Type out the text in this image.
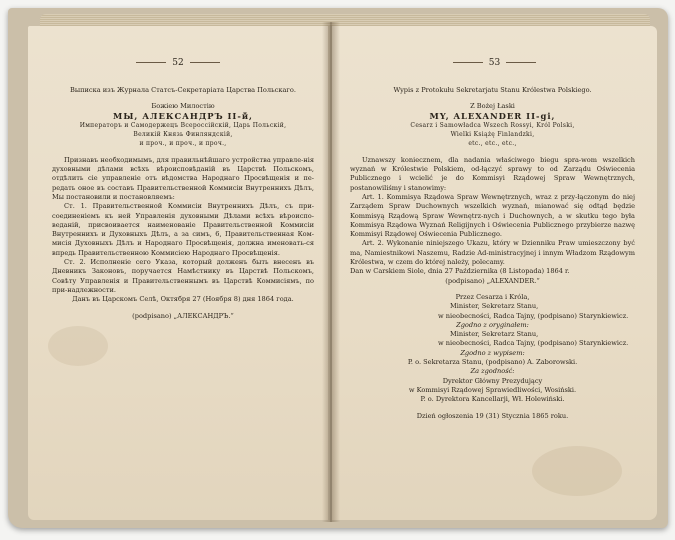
52
Выписка изъ Журнала Статсъ-Секретаріата Царства Польскаго.
Божіею Милостію
МЫ, АЛЕКСАНДРЪ II-й,
Императоръ и Самодержецъ Всероссійскій, Царь Польскій,
Великій Князь Финляндскій,
и проч., и проч., и проч.,
Признавъ необходимымъ, для правильнѣйшаго устройства управле-нія духовными дѣлами всѣхъ вѣроисповѣданій въ Царствѣ Польскомъ, отдѣлить сіе управленіе отъ вѣдомства Народнаго Просвѣщенія и пе-редать оное въ составъ Правительственной Коммисіи Внутреннихъ Дѣлъ, Мы постановили и постановляемъ:
Ст. 1. Правительственной Коммисіи Внутреннихъ Дѣлъ, съ при-соединеніемъ къ ней Управленія духовными Дѣлами всѣхъ вѣроиспо-веданій, присвоивается наименованіе Правительственной Коммисіи Внутреннихъ и Духовныхъ Дѣлъ, а за симъ, 6, Правительственная Ком-мисія Духовныхъ Дѣлъ и Народнаго Просвѣщенія, должна именовать-ся впредь Правительственною Коммисіею Народнаго Просвѣщенія.
Ст. 2. Исполненіе сего Указа, который долженъ быть внесенъ въ Дневникъ Законовъ, поручается Намѣстнику въ Царствѣ Польскомъ, Совѣту Управленія и Правительственнымъ въ Царствѣ Коммисіямъ, по при-надлежности.
Данъ въ Царскомъ Селѣ, Октября 27 (Ноября 8) дня 1864 года.
(podpisano) „АЛЕКСАНДРЪ.“
53
Wypis z Protokułu Sekretarjatu Stanu Królestwa Polskiego.
Z Bożej Łaski
MY, ALEXANDER II-gi,
Cesarz i Samowładca Wszech Rossyi, Król Polski,
Wielki Książę Finlandzki,
etc., etc., etc.,
Uznawszy koniecznem, dla nadania właściwego biegu spra-wom wszelkich wyznań w Królestwie Polskiem, od-łączyć sprawy to od Zarządu Oświecenia Publicznego i wcielić je do Kommisyi Rządowej Spraw Wewnętrznych, postanowiliśmy i stanowimy:
Art. 1. Kommisya Rządowa Spraw Wewnętrznych, wraz z przy-łączonym do niej Zarządem Spraw Duchownych wszelkich wyznań, mianować się odtąd będzie Kommisyą Rządową Spraw Wewnętrz-nych i Duchownych, a w skutku tego była Kommisya Rządowa Wyznań Religijnych i Oświecenia Publicznego przybierze nazwę Kommisyi Rządowej Oświecenia Publicznego.
Art. 2. Wykonanie niniejszego Ukazu, który w Dzienniku Praw umieszczony być ma, Namiestnikowi Naszemu, Radzie Ad-ministracyjnej i innym Władzom Rządowym Królestwa, w czem do której należy, polecamy.
Dan w Carskiem Siole, dnia 27 Października (8 Listopada) 1864 r.
(podpisano) „ALEXANDER.“
Przez Cesarza i Króla,
Minister, Sekretarz Stanu,
w nieobecności, Radca Tajny, (podpisano) Starynkiewicz.
Zgodno z oryginałem:
Minister, Sekretarz Stanu,
w nieobecności, Radca Tajny, (podpisano) Starynkiewicz.
Zgodno z wypisem:
P. o. Sekretarza Stanu, (podpisano) A. Zaborowski.
Za zgodność:
Dyrektor Główny Prezydujący
w Kommisyi Rządowej Sprawiedliwości, Wosiński.
P. o. Dyrektora Kancellarji, Wł. Holewiński.
Dzień ogłoszenia 19 (31) Stycznia 1865 roku.
